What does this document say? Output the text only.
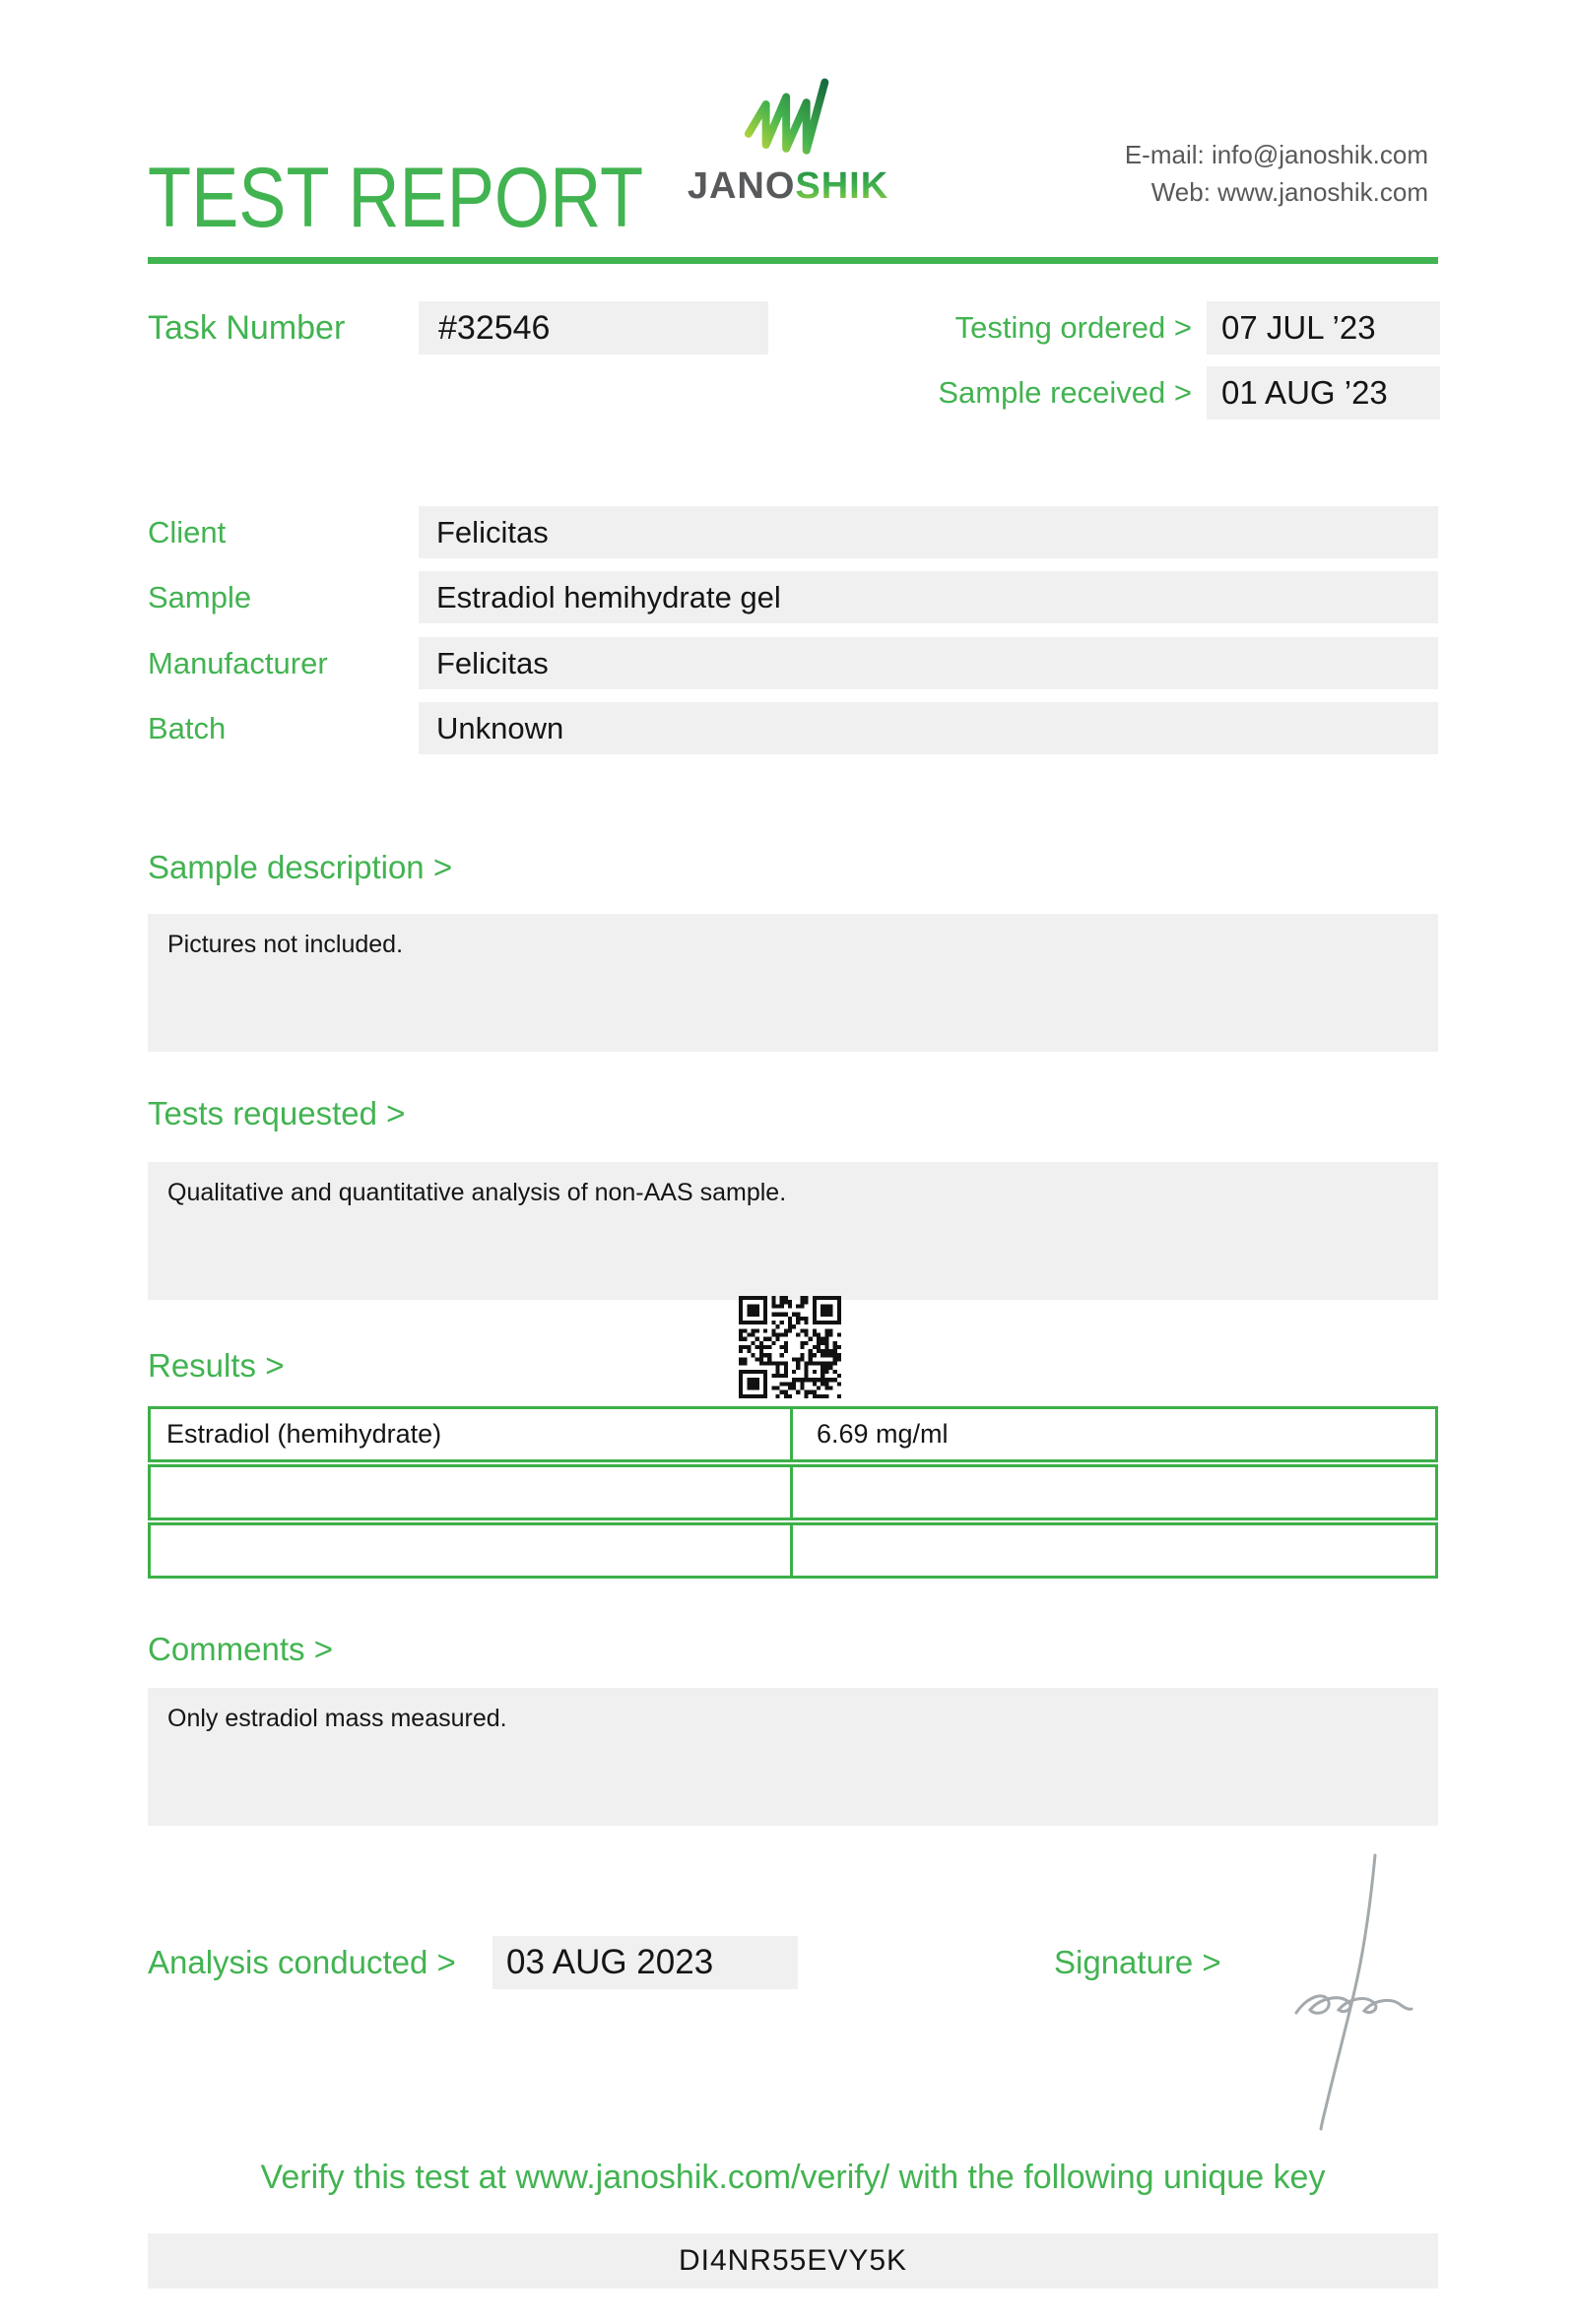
TEST REPORT	JANOSHIK
E-mail: info@janoshik.com
Web: www.janoshik.com
Task Number	#32546	Testing ordered > 07 JUL ’23
Sample received > 01 AUG ’23
Client	Felicitas
Sample	Estradiol hemihydrate gel
Manufacturer	Felicitas
Batch	Unknown
Sample description >
Pictures not included.
Tests requested >
Qualitative and quantitative analysis of non-AAS sample.
Results >
Estradiol (hemihydrate)	6.69 mg/ml
Comments >
Only estradiol mass measured.
Analysis conducted >	03 AUG 2023	Signature >
Verify this test at www.janoshik.com/verify/ with the following unique key
DI4NR55EVY5K
